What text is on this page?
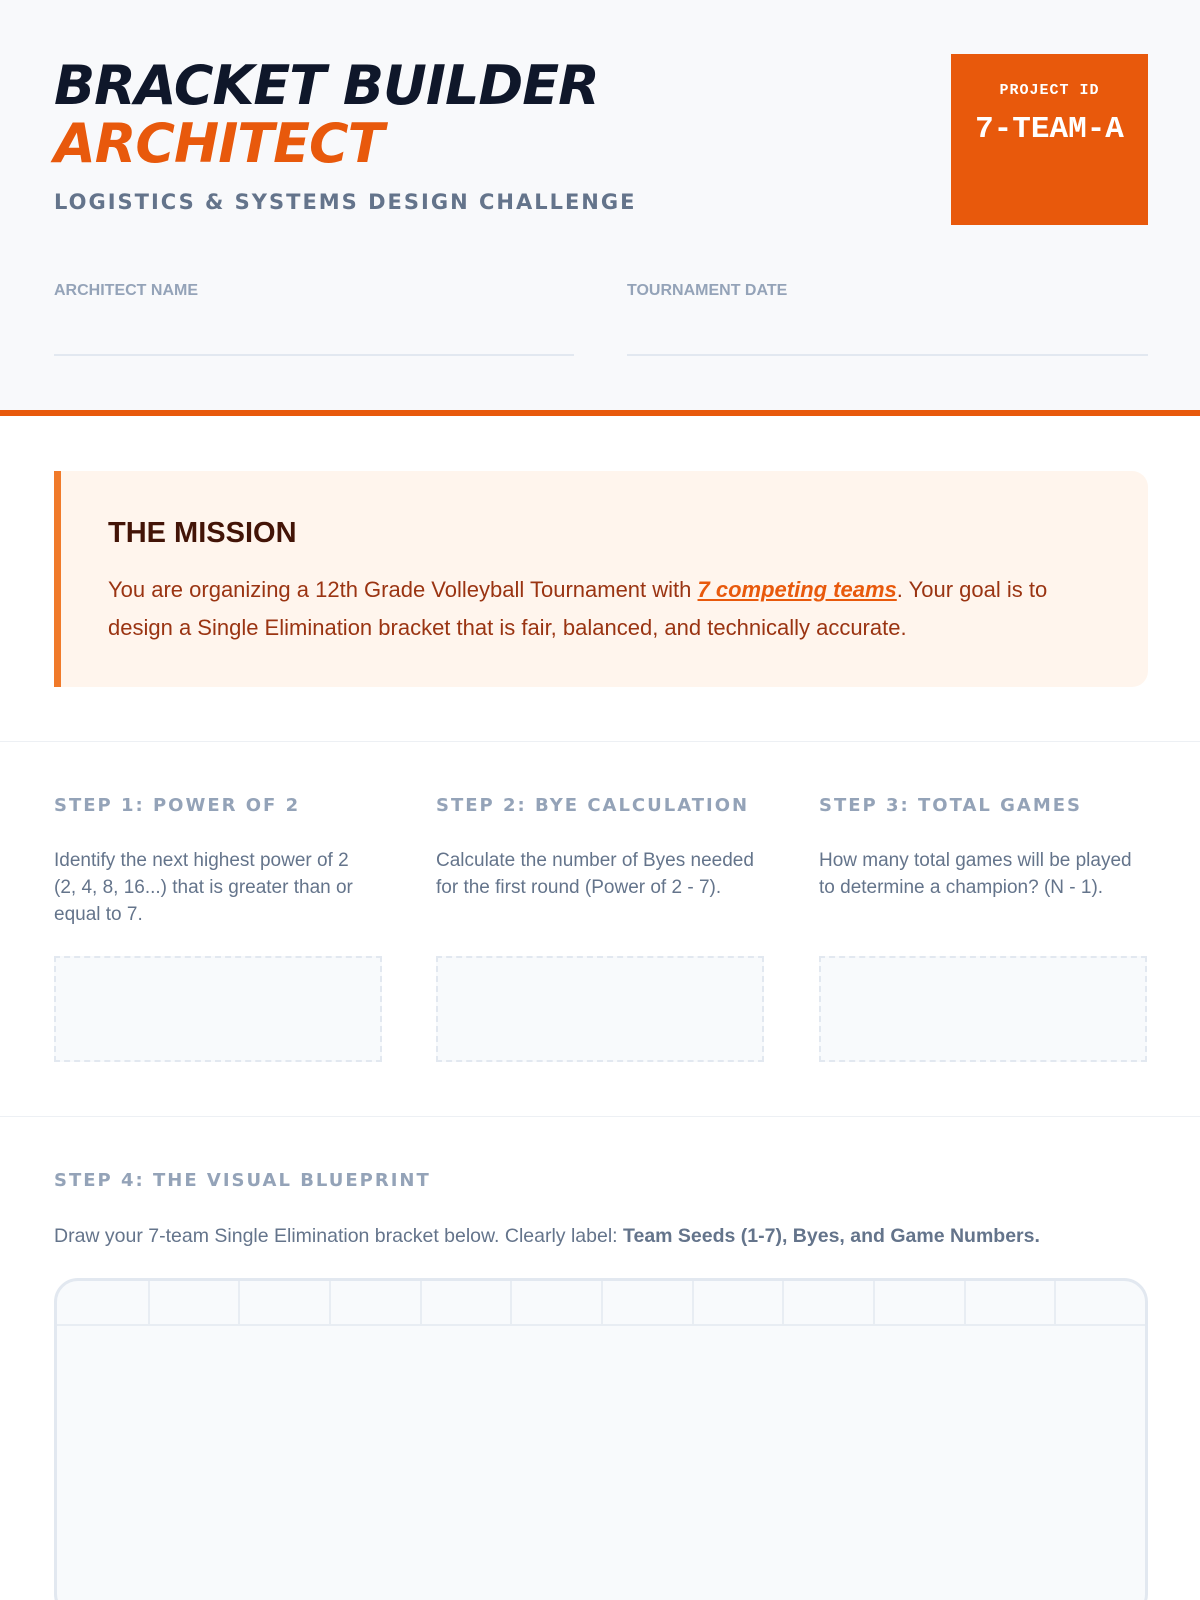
BRACKET BUILDER
ARCHITECT
LOGISTICS & SYSTEMS DESIGN CHALLENGE
PROJECT ID
7-TEAM-A
ARCHITECT NAME	TOURNAMENT DATE
THE MISSION
You are organizing a 12th Grade Volleyball Tournament with 7 competing teams. Your goal is to design a Single Elimination bracket that is fair, balanced, and technically accurate.
STEP 1: POWER OF 2
Identify the next highest power of 2 (2, 4, 8, 16...) that is greater than or equal to 7.
STEP 2: BYE CALCULATION
Calculate the number of Byes needed for the first round (Power of 2 - 7).
STEP 3: TOTAL GAMES
How many total games will be played to determine a champion? (N - 1).
STEP 4: THE VISUAL BLUEPRINT
Draw your 7-team Single Elimination bracket below. Clearly label: Team Seeds (1-7), Byes, and Game Numbers.
